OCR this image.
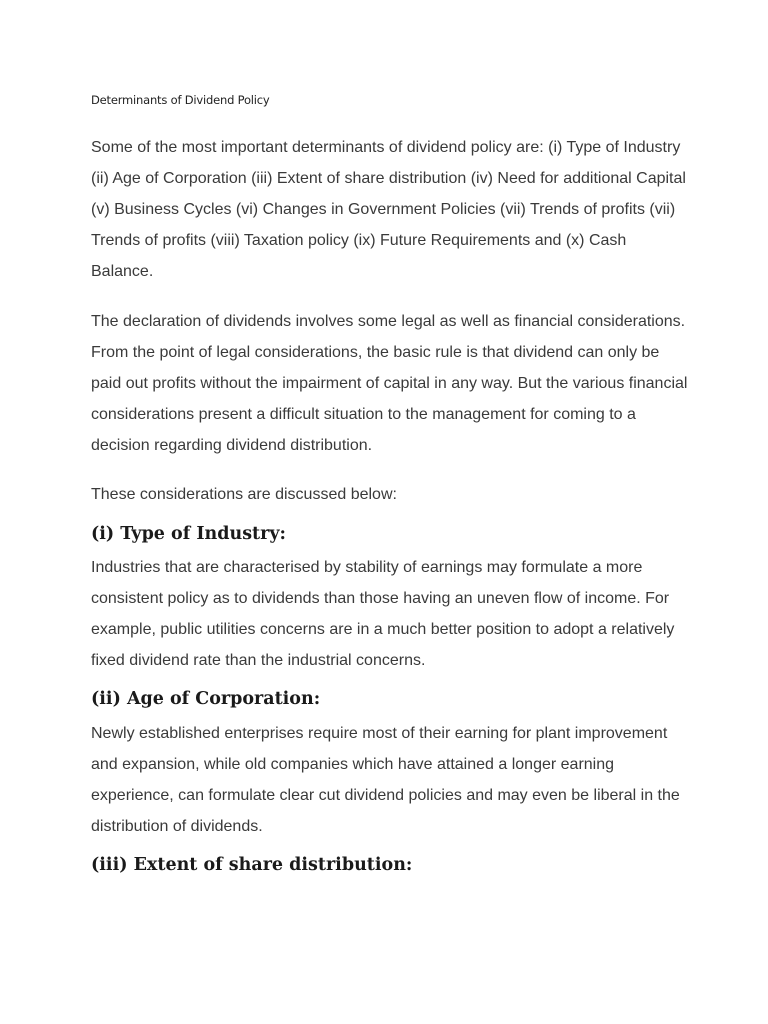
Determinants of Dividend Policy

Some of the most important determinants of dividend policy are: (i) Type of Industry (ii) Age of Corporation (iii) Extent of share distribution (iv) Need for additional Capital (v) Business Cycles (vi) Changes in Government Policies (vii) Trends of profits (vii) Trends of profits (viii) Taxation policy (ix) Future Requirements and (x) Cash Balance.

The declaration of dividends involves some legal as well as financial considerations. From the point of legal considerations, the basic rule is that dividend can only be paid out profits without the impairment of capital in any way. But the various financial considerations present a difficult situation to the management for coming to a decision regarding dividend distribution.

These considerations are discussed below:

(i) Type of Industry:

Industries that are characterised by stability of earnings may formulate a more consistent policy as to dividends than those having an uneven flow of income. For example, public utilities concerns are in a much better position to adopt a relatively fixed dividend rate than the industrial concerns.

(ii) Age of Corporation:

Newly established enterprises require most of their earning for plant improvement and expansion, while old companies which have attained a longer earning experience, can formulate clear cut dividend policies and may even be liberal in the distribution of dividends.

(iii) Extent of share distribution:
